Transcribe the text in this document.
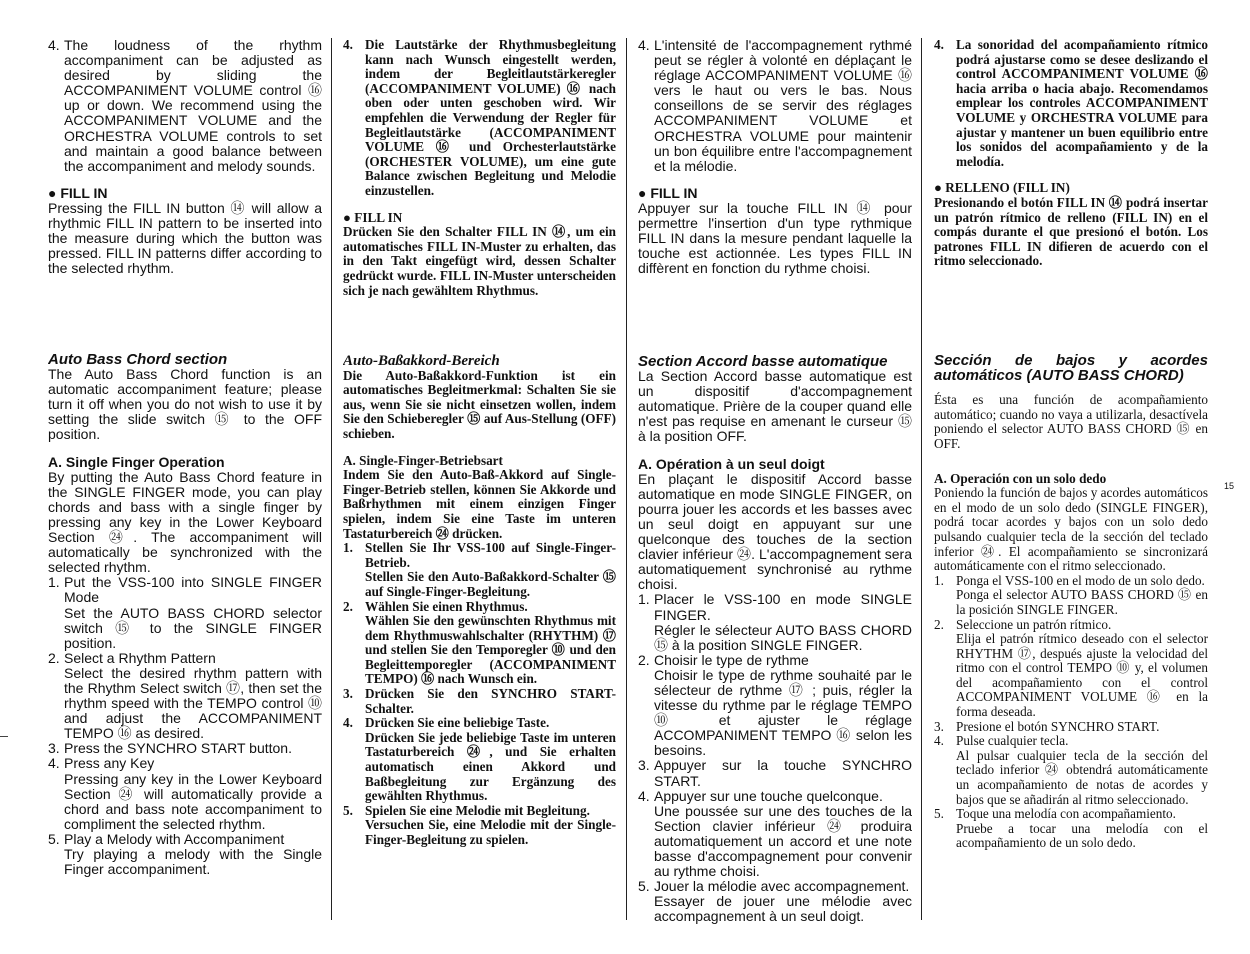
4. The loudness of the rhythm accompaniment can be adjusted as desired by sliding the ACCOMPANIMENT VOLUME control ⑯ up or down. We recommend using the ACCOMPANIMENT VOLUME and the ORCHESTRA VOLUME controls to set and maintain a good balance between the accompaniment and melody sounds.

● FILL IN

Pressing the FILL IN button ⑭ will allow a rhythmic FILL IN pattern to be inserted into the measure during which the button was pressed. FILL IN patterns differ according to the selected rhythm.

Auto Bass Chord section

The Auto Bass Chord function is an automatic accompaniment feature; please turn it off when you do not wish to use it by setting the slide switch ⑮ to the OFF position.

A. Single Finger Operation

By putting the Auto Bass Chord feature in the SINGLE FINGER mode, you can play chords and bass with a single finger by pressing any key in the Lower Keyboard Section ㉔. The accompaniment will automatically be synchronized with the selected rhythm.

1. Put the VSS-100 into SINGLE FINGER Mode

Set the AUTO BASS CHORD selector switch ⑮ to the SINGLE FINGER position.

2. Select a Rhythm Pattern

Select the desired rhythm pattern with the Rhythm Select switch ⑰, then set the rhythm speed with the TEMPO control ⑩ and adjust the ACCOMPANIMENT TEMPO ⑯ as desired.

3. Press the SYNCHRO START button.

4. Press any Key

Pressing any key in the Lower Keyboard Section ㉔ will automatically provide a chord and bass note accompaniment to compliment the selected rhythm.

5. Play a Melody with Accompaniment

Try playing a melody with the Single Finger accompaniment.

4. Die Lautstärke der Rhythmusbegleitung kann nach Wunsch eingestellt werden, indem der Begleitlautstärkeregler (ACCOMPANIMENT VOLUME) ⑯ nach oben oder unten geschoben wird. Wir empfehlen die Verwendung der Regler für Begleitlautstärke (ACCOMPANIMENT VOLUME ⑯ und Orchesterlautstärke (ORCHESTER VOLUME), um eine gute Balance zwischen Begleitung und Melodie einzustellen.

● FILL IN

Drücken Sie den Schalter FILL IN ⑭, um ein automatisches FILL IN-Muster zu erhalten, das in den Takt eingefügt wird, dessen Schalter gedrückt wurde. FILL IN-Muster unterscheiden sich je nach gewähltem Rhythmus.

Auto-Baßakkord-Bereich

Die Auto-Baßakkord-Funktion ist ein automatisches Begleitmerkmal: Schalten Sie sie aus, wenn Sie sie nicht einsetzen wollen, indem Sie den Schieberegler ⑮ auf Aus-Stellung (OFF) schieben.

A. Single-Finger-Betriebsart

Indem Sie den Auto-Baß-Akkord auf Single-Finger-Betrieb stellen, können Sie Akkorde und Baßrhythmen mit einem einzigen Finger spielen, indem Sie eine Taste im unteren Tastaturbereich ㉔ drücken.

1. Stellen Sie Ihr VSS-100 auf Single-Finger-Betrieb.

Stellen Sie den Auto-Baßakkord-Schalter ⑮ auf Single-Finger-Begleitung.

2. Wählen Sie einen Rhythmus.

Wählen Sie den gewünschten Rhythmus mit dem Rhythmuswahlschalter (RHYTHM) ⑰ und stellen Sie den Temporegler ⑩ und den Begleittemporegler (ACCOMPANIMENT TEMPO) ⑯ nach Wunsch ein.

3. Drücken Sie den SYNCHRO START-Schalter.

4. Drücken Sie eine beliebige Taste.

Drücken Sie jede beliebige Taste im unteren Tastaturbereich ㉔, und Sie erhalten automatisch einen Akkord und Baßbegleitung zur Ergänzung des gewählten Rhythmus.

5. Spielen Sie eine Melodie mit Begleitung.

Versuchen Sie, eine Melodie mit der Single-Finger-Begleitung zu spielen.

4. L'intensité de l'accompagnement rythmé peut se régler à volonté en déplaçant le réglage ACCOMPANIMENT VOLUME ⑯ vers le haut ou vers le bas. Nous conseillons de se servir des réglages ACCOMPANIMENT VOLUME et ORCHESTRA VOLUME pour maintenir un bon équilibre entre l'accompagnement et la mélodie.

● FILL IN

Appuyer sur la touche FILL IN ⑭ pour permettre l'insertion d'un type rythmique FILL IN dans la mesure pendant laquelle la touche est actionnée. Les types FILL IN diffèrent en fonction du rythme choisi.

Section Accord basse automatique

La Section Accord basse automatique est un dispositif d'accompagnement automatique. Prière de la couper quand elle n'est pas requise en amenant le curseur ⑮ à la position OFF.

A. Opération à un seul doigt

En plaçant le dispositif Accord basse automatique en mode SINGLE FINGER, on pourra jouer les accords et les basses avec un seul doigt en appuyant sur une quelconque des touches de la section clavier inférieur ㉔. L'accompagnement sera automatiquement synchronisé au rythme choisi.

1. Placer le VSS-100 en mode SINGLE FINGER.

Régler le sélecteur AUTO BASS CHORD ⑮ à la position SINGLE FINGER.

2. Choisir le type de rythme

Choisir le type de rythme souhaité par le sélecteur de rythme ⑰ ; puis, régler la vitesse du rythme par le réglage TEMPO ⑩ et ajuster le réglage ACCOMPANIMENT TEMPO ⑯ selon les besoins.

3. Appuyer sur la touche SYNCHRO START.

4. Appuyer sur une touche quelconque.

Une poussée sur une des touches de la Section clavier inférieur ㉔ produira automatiquement un accord et une note basse d'accompagnement pour convenir au rythme choisi.

5. Jouer la mélodie avec accompagnement.

Essayer de jouer une mélodie avec accompagnement à un seul doigt.

4. La sonoridad del acompañamiento rítmico podrá ajustarse como se desee deslizando el control ACCOMPANIMENT VOLUME ⑯ hacia arriba o hacia abajo. Recomendamos emplear los controles ACCOMPANIMENT VOLUME y ORCHESTRA VOLUME para ajustar y mantener un buen equilibrio entre los sonidos del acompañamiento y de la melodía.

● RELLENO (FILL IN)

Presionando el botón FILL IN ⑭ podrá insertar un patrón rítmico de relleno (FILL IN) en el compás durante el que presionó el botón. Los patrones FILL IN difieren de acuerdo con el ritmo seleccionado.

Sección de bajos y acordes automáticos (AUTO BASS CHORD)

Ésta es una función de acompañamiento automático; cuando no vaya a utilizarla, desactívela poniendo el selector AUTO BASS CHORD ⑮ en OFF.

A. Operación con un solo dedo

Poniendo la función de bajos y acordes automáticos en el modo de un solo dedo (SINGLE FINGER), podrá tocar acordes y bajos con un solo dedo pulsando cualquier tecla de la sección del teclado inferior ㉔. El acompañamiento se sincronizará automáticamente con el ritmo seleccionado.

1. Ponga el VSS-100 en el modo de un solo dedo.

Ponga el selector AUTO BASS CHORD ⑮ en la posición SINGLE FINGER.

2. Seleccione un patrón rítmico.

Elija el patrón rítmico deseado con el selector RHYTHM ⑰, después ajuste la velocidad del ritmo con el control TEMPO ⑩ y, el volumen del acompañamiento con el control ACCOMPANIMENT VOLUME ⑯ en la forma deseada.

3. Presione el botón SYNCHRO START.

4. Pulse cualquier tecla.

Al pulsar cualquier tecla de la sección del teclado inferior ㉔ obtendrá automáticamente un acompañamiento de notas de acordes y bajos que se añadirán al ritmo seleccionado.

5. Toque una melodía con acompañamiento.

Pruebe a tocar una melodía con el acompañamiento de un solo dedo.

15
